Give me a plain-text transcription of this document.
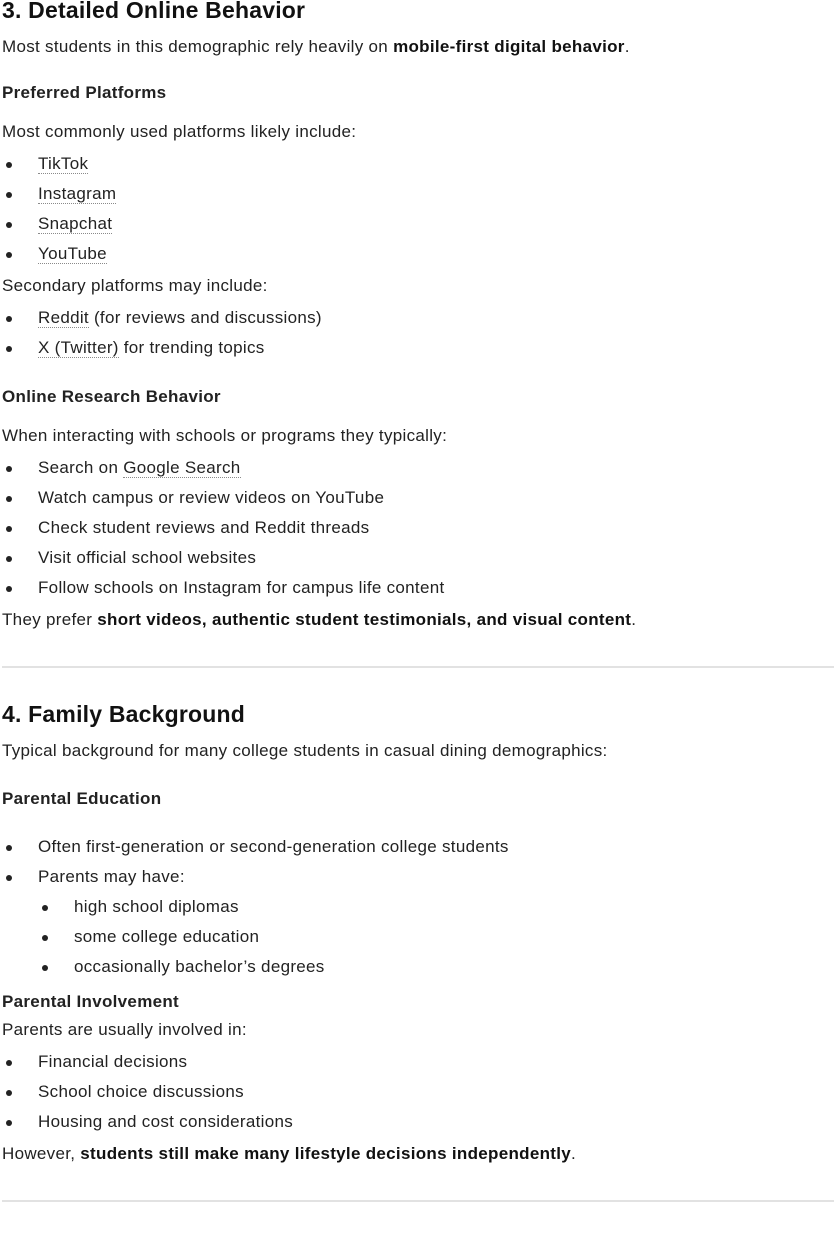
3. Detailed Online Behavior

Most students in this demographic rely heavily on mobile-first digital behavior.

Preferred Platforms

Most commonly used platforms likely include:

TikTok
Instagram
Snapchat
YouTube

Secondary platforms may include:

Reddit (for reviews and discussions)
X (Twitter) for trending topics
Online Research Behavior

When interacting with schools or programs they typically:

Search on Google Search
Watch campus or review videos on YouTube
Check student reviews and Reddit threads
Visit official school websites
Follow schools on Instagram for campus life content

They prefer short videos, authentic student testimonials, and visual content.

4. Family Background

Typical background for many college students in casual dining demographics:

Parental Education
Often first-generation or second-generation college students
Parents may have:
high school diplomas
some college education
occasionally bachelor’s degrees
Parental Involvement

Parents are usually involved in:

Financial decisions
School choice discussions
Housing and cost considerations

However, students still make many lifestyle decisions independently.
